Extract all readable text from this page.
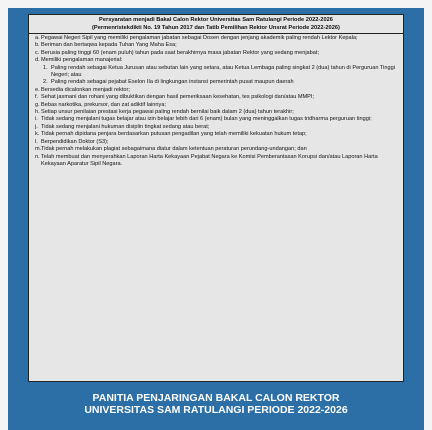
Persyaratan menjadi Bakal Calon Rektor Universitas Sam Ratulangi Periode 2022-2026
(Permenristekdikti No. 19 Tahun 2017 dan Tatib Pemilihan Rektor Unsrat Periode 2022-2026)
a. Pegawai Negeri Sipil yang memiliki pengalaman jabatan sebagai Dosen dengan jenjang akademik paling rendah Lektor Kepala;
b. Beriman dan bertaqwa kepada Tuhan Yang Maha Esa;
c. Berusia paling tinggi 60 (enam puluh) tahun pada saat berakhirnya masa jabatan Rektor yang sedang menjabat;
d. Memiliki pengalaman manajerial:
1. Paling rendah sebagai Ketua Jurusan atau sebutan lain yang setara, atau Ketua Lembaga paling singkat 2 (dua) tahun di Perguruan Tinggi Negeri; atau
2. Paling rendah sebagai pejabat Eselon IIa di lingkungan instansi pemerintah pusat maupun daerah
e. Bersedia dicalonkan menjadi rektor;
f. Sehat jasmani dan rohani yang dibuktikan dengan hasil pemeriksaan kesehatan, tes psikologi dan/atau MMPI;
g. Bebas narkotika, prekursor, dan zat adiktif lainnya;
h. Setiap unsur penilaian prestasi kerja pegawai paling rendah bernilai baik dalam 2 (dua) tahun terakhir;
i. Tidak sedang menjalani tugas belajar atau izin belajar lebih dari 6 (enam) bulan yang meninggalkan tugas tridharma perguruan tinggi;
j. Tidak sedang menjalani hukuman disiplin tingkat sedang atau berat;
k. Tidak pernah dipidana penjara berdasarkan putusan pengadilan yang telah memiliki kekuatan hukum tetap;
l. Berpendidikan Doktor (S3);
m. Tidak pernah melakukan plagiat sebagaimana diatur dalam ketentuan peraturan perundang-undangan; dan
n. Telah membuat dan menyerahkan Laporan Harta Kekayaan Pejabat Negara ke Komisi Pemberantasan Korupsi dan/atau Laporan Harta Kekayaan Aparatur Sipil Negara.
PANITIA PENJARINGAN BAKAL CALON REKTOR
UNIVERSITAS SAM RATULANGI PERIODE 2022-2026
